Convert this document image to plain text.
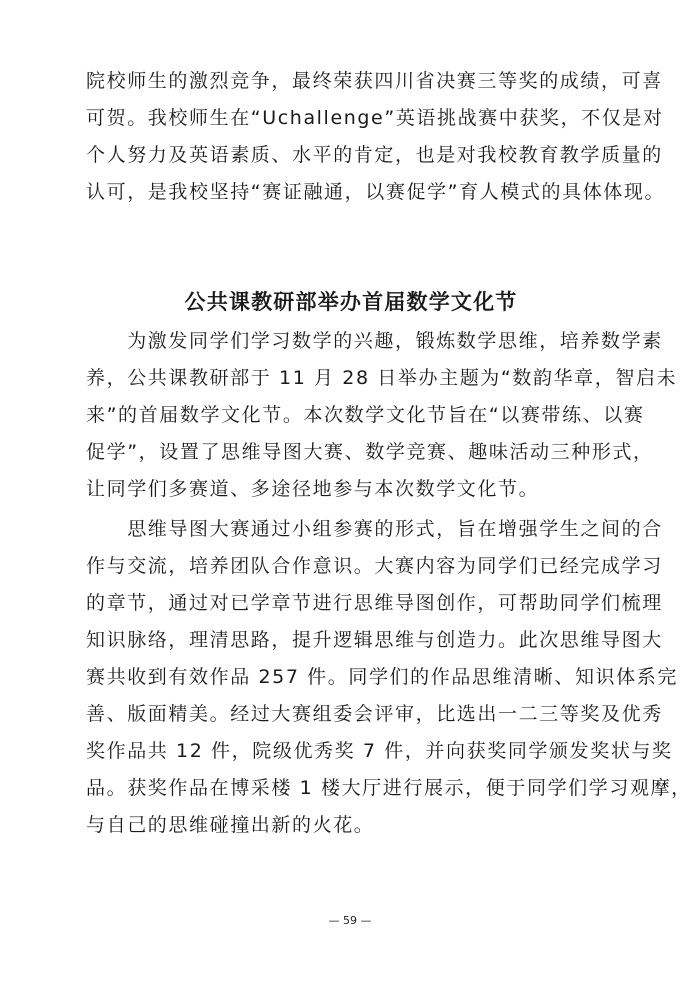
院校师生的激烈竞争，最终荣获四川省决赛三等奖的成绩，可喜
可贺。我校师生在“Uchallenge”英语挑战赛中获奖，不仅是对
个人努力及英语素质、水平的肯定，也是对我校教育教学质量的
认可，是我校坚持“赛证融通，以赛促学”育人模式的具体体现。
公共课教研部举办首届数学文化节
　　为激发同学们学习数学的兴趣，锻炼数学思维，培养数学素
养，公共课教研部于 11 月 28 日举办主题为“数韵华章，智启未
来”的首届数学文化节。本次数学文化节旨在“以赛带练、以赛
促学”，设置了思维导图大赛、数学竞赛、趣味活动三种形式，
让同学们多赛道、多途径地参与本次数学文化节。
　　思维导图大赛通过小组参赛的形式，旨在增强学生之间的合
作与交流，培养团队合作意识。大赛内容为同学们已经完成学习
的章节，通过对已学章节进行思维导图创作，可帮助同学们梳理
知识脉络，理清思路，提升逻辑思维与创造力。此次思维导图大
赛共收到有效作品 257 件。同学们的作品思维清晰、知识体系完
善、版面精美。经过大赛组委会评审，比选出一二三等奖及优秀
奖作品共 12 件，院级优秀奖 7 件，并向获奖同学颁发奖状与奖
品。获奖作品在博采楼 1 楼大厅进行展示，便于同学们学习观摩，
与自己的思维碰撞出新的火花。
— 59 —
